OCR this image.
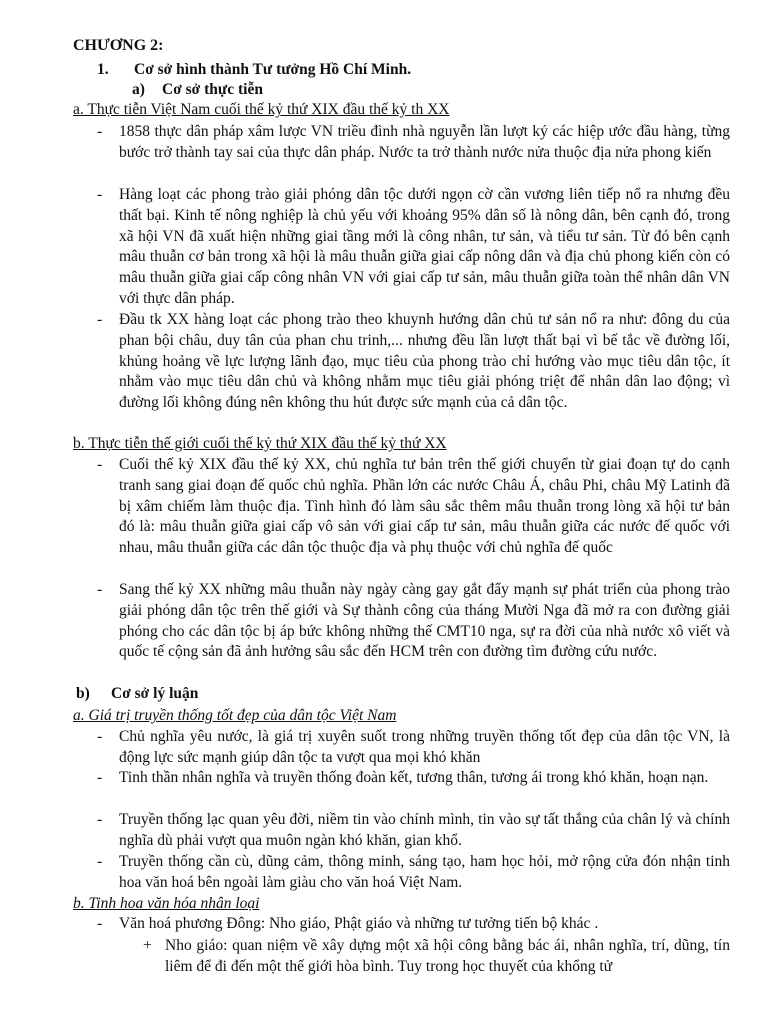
CHƯƠNG 2:
1. Cơ sở hình thành Tư tưởng Hồ Chí Minh.
a) Cơ sở thực tiễn
a. Thực tiễn Việt Nam cuối thế kỷ thứ XIX đầu thế kỷ th XX
- 1858 thực dân pháp xâm lược VN triều đình nhà nguyễn lần lượt ký các hiệp ước đầu hàng, từng bước trở thành tay sai của thực dân pháp. Nước ta trở thành nước nửa thuộc địa nửa phong kiến
- Hàng loạt các phong trào giải phóng dân tộc dưới ngọn cờ cần vương liên tiếp nổ ra nhưng đều thất bại. Kinh tế nông nghiệp là chủ yếu với khoảng 95% dân số là nông dân, bên cạnh đó, trong xã hội VN đã xuất hiện những giai tầng mới là công nhân, tư sản, và tiểu tư sản. Từ đó bên cạnh mâu thuẫn cơ bản trong xã hội là mâu thuẫn giữa giai cấp nông dân và địa chủ phong kiến còn có mâu thuẫn giữa giai cấp công nhân VN với giai cấp tư sản, mâu thuẫn giữa toàn thể nhân dân VN với thực dân pháp.
- Đầu tk XX hàng loạt các phong trào theo khuynh hướng dân chủ tư sản nổ ra như: đông du của phan bội châu, duy tân của phan chu trinh,... nhưng đều lần lượt thất bại vì bế tắc về đường lối, khủng hoảng về lực lượng lãnh đạo, mục tiêu của phong trào chỉ hướng vào mục tiêu dân tộc, ít nhằm vào mục tiêu dân chủ và không nhằm mục tiêu giải phóng triệt để nhân dân lao động; vì đường lối không đúng nên không thu hút được sức mạnh của cả dân tộc.
b. Thực tiễn thế giới cuối thế kỷ thứ XIX đầu thế kỷ thứ XX
- Cuối thế kỷ XIX đầu thế kỷ XX, chủ nghĩa tư bản trên thế giới chuyển từ giai đoạn tự do cạnh tranh sang giai đoạn đế quốc chủ nghĩa. Phần lớn các nước Châu Á, châu Phi, châu Mỹ Latinh đã bị xâm chiếm làm thuộc địa. Tình hình đó làm sâu sắc thêm mâu thuẫn trong lòng xã hội tư bản đó là: mâu thuẫn giữa giai cấp vô sản với giai cấp tư sản, mâu thuẫn giữa các nước đế quốc với nhau, mâu thuẫn giữa các dân tộc thuộc địa và phụ thuộc với chủ nghĩa đế quốc
- Sang thế kỷ XX những mâu thuẫn này ngày càng gay gắt đẩy mạnh sự phát triển của phong trào giải phóng dân tộc trên thế giới và Sự thành công của tháng Mười Nga đã mở ra con đường giải phóng cho các dân tộc bị áp bức không những thế CMT10 nga, sự ra đời của nhà nước xô viết và quốc tế cộng sản đã ảnh hưởng sâu sắc đến HCM trên con đường tìm đường cứu nước.
b) Cơ sở lý luận
a. Giá trị truyền thống tốt đẹp của dân tộc Việt Nam
- Chủ nghĩa yêu nước, là giá trị xuyên suốt trong những truyền thống tốt đẹp của dân tộc VN, là động lực sức mạnh giúp dân tộc ta vượt qua mọi khó khăn
- Tinh thần nhân nghĩa và truyền thống đoàn kết, tương thân, tương ái trong khó khăn, hoạn nạn.
- Truyền thống lạc quan yêu đời, niềm tin vào chính mình, tin vào sự tất thắng của chân lý và chính nghĩa dù phải vượt qua muôn ngàn khó khăn, gian khổ.
- Truyền thống cần cù, dũng cảm, thông minh, sáng tạo, ham học hỏi, mở rộng cửa đón nhận tinh hoa văn hoá bên ngoài làm giàu cho văn hoá Việt Nam.
b. Tinh hoa văn hóa nhân loại
- Văn hoá phương Đông: Nho giáo, Phật giáo và những tư tưởng tiến bộ khác .
+ Nho giáo: quan niệm về xây dựng một xã hội công bằng bác ái, nhân nghĩa, trí, dũng, tín liêm để đi đến một thế giới hòa bình. Tuy trong học thuyết của khổng tử
